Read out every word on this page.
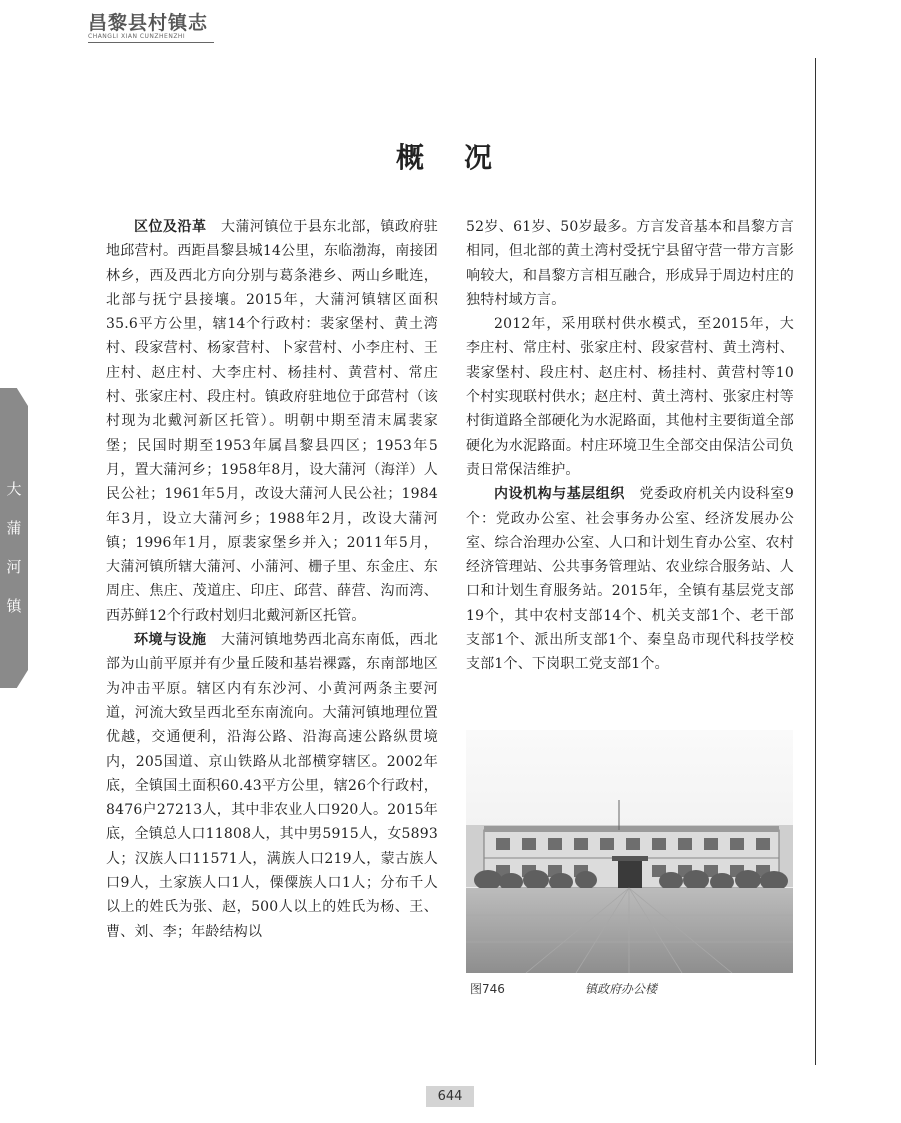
昌黎县村镇志
CHANGLI XIAN CUNZHENZHI
大蒲河镇
概况

区位及沿革　 大蒲河镇位于县东北部，镇政府驻地邱营村。西距昌黎县城14公里，东临渤海，南接团林乡，西及西北方向分别与葛条港乡、两山乡毗连，北部与抚宁县接壤。2015年，大蒲河镇辖区面积35.6平方公里，辖14个行政村：裴家堡村、黄土湾村、段家营村、杨家营村、卜家营村、小李庄村、王庄村、赵庄村、大李庄村、杨挂村、黄营村、常庄村、张家庄村、段庄村。镇政府驻地位于邱营村（该村现为北戴河新区托管）。明朝中期至清末属裴家堡；民国时期至1953年属昌黎县四区；1953年5月，置大蒲河乡；1958年8月，设大蒲河（海洋）人民公社；1961年5月，改设大蒲河人民公社；1984年3月，设立大蒲河乡；1988年2月，改设大蒲河镇；1996年1月，原裴家堡乡并入；2011年5月，大蒲河镇所辖大蒲河、小蒲河、栅子里、东金庄、东周庄、焦庄、茂道庄、印庄、邱营、薛营、沟而湾、西苏鲜12个行政村划归北戴河新区托管。

环境与设施　 大蒲河镇地势西北高东南低，西北部为山前平原并有少量丘陵和基岩裸露，东南部地区为冲击平原。辖区内有东沙河、小黄河两条主要河道，河流大致呈西北至东南流向。大蒲河镇地理位置优越，交通便利，沿海公路、沿海高速公路纵贯境内，205国道、京山铁路从北部横穿辖区。2002年底，全镇国土面积60.43平方公里，辖26个行政村，8476户27213人，其中非农业人口920人。2015年底，全镇总人口11808人，其中男5915人，女5893人；汉族人口11571人，满族人口219人，蒙古族人口9人，土家族人口1人，傈僳族人口1人；分布千人以上的姓氏为张、赵，500人以上的姓氏为杨、王、曹、刘、李；年龄结构以

52岁、61岁、50岁最多。方言发音基本和昌黎方言相同，但北部的黄土湾村受抚宁县留守营一带方言影响较大，和昌黎方言相互融合，形成异于周边村庄的独特村域方言。

2012年，采用联村供水模式，至2015年，大李庄村、常庄村、张家庄村、段家营村、黄土湾村、裴家堡村、段庄村、赵庄村、杨挂村、黄营村等10个村实现联村供水；赵庄村、黄土湾村、张家庄村等村街道路全部硬化为水泥路面，其他村主要街道全部硬化为水泥路面。村庄环境卫生全部交由保洁公司负责日常保洁维护。

内设机构与基层组织　 党委政府机关内设科室9个：党政办公室、社会事务办公室、经济发展办公室、综合治理办公室、人口和计划生育办公室、农村经济管理站、公共事务管理站、农业综合服务站、人口和计划生育服务站。2015年，全镇有基层党支部19个，其中农村支部14个、机关支部1个、老干部支部1个、派出所支部1个、秦皇岛市现代科技学校支部1个、下岗职工党支部1个。

图746	镇政府办公楼
644
